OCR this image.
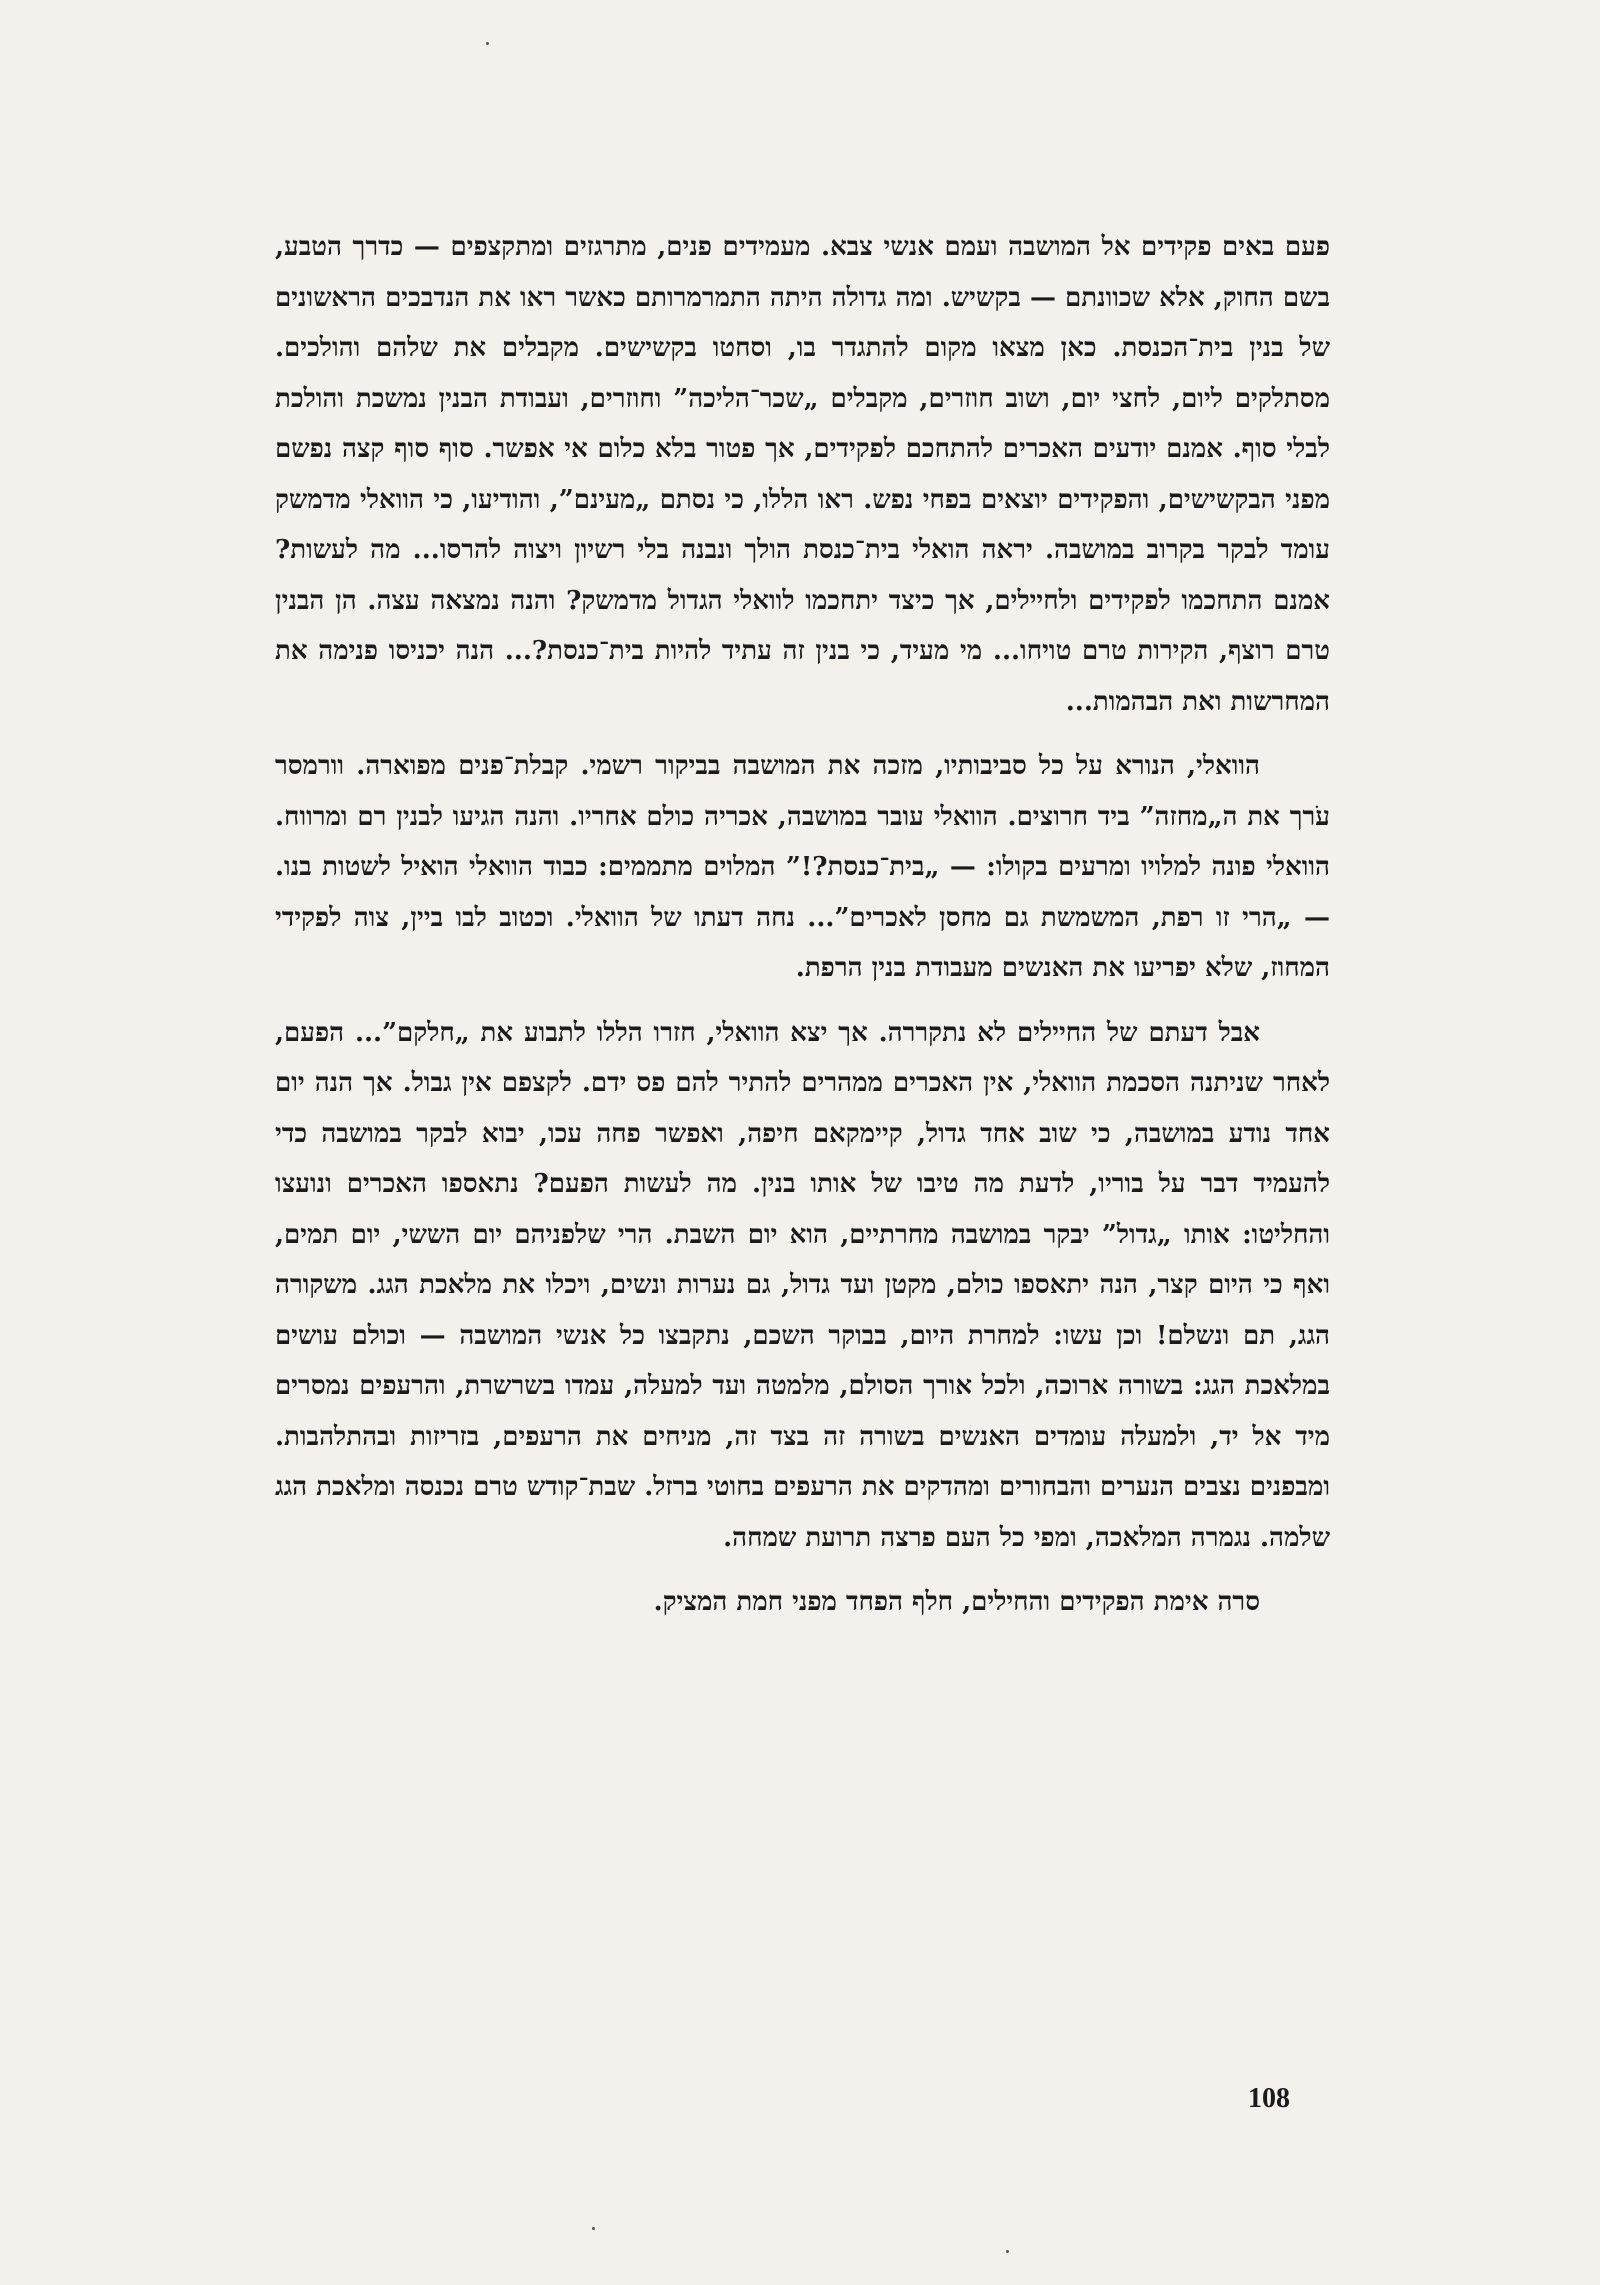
פעם באים פקידים אל המושבה ועמם אנשי צבא. מעמידים פנים, מתרגזים ומתקצפים — כדרך הטבע, בשם החוק, אלא שכוונתם — בקשיש. ומה גדולה היתה התמרמרותם כאשר ראו את הנדבכים הראשונים של בנין בית־הכנסת. כאן מצאו מקום להתגדר בו, וסחטו בקשישים. מקבלים את שלהם והולכים. מסתלקים ליום, לחצי יום, ושוב חוזרים, מקבלים „שכר־הליכה” וחוזרים, ועבודת הבנין נמשכת והולכת לבלי סוף. אמנם יודעים האכרים להתחכם לפקידים, אך פטור בלא כלום אי אפשר. סוף סוף קצה נפשם מפני הבקשישים, והפקידים יוצאים בפחי נפש. ראו הללו, כי נסתם „מעינם”, והודיעו, כי הוואלי מדמשק עומד לבקר בקרוב במושבה. יראה הואלי בית־כנסת הולך ונבנה בלי רשיון ויצוה להרסו... מה לעשות? אמנם התחכמו לפקידים ולחיילים, אך כיצד יתחכמו לוואלי הגדול מדמשק? והנה נמצאה עצה. הן הבנין טרם רוצף, הקירות טרם טויחו... מי מעיד, כי בנין זה עתיד להיות בית־כנסת?... הנה יכניסו פנימה את המחרשות ואת הבהמות...

הוואלי, הנורא על כל סביבותיו, מזכה את המושבה בביקור רשמי. קבלת־פנים מפוארה. וורמסר עֹרך את ה„מחזה” ביד חרוצים. הוואלי עובר במושבה, אכריה כולם אחריו. והנה הגיעו לבנין רם ומרווח. הוואלי פונה למלויו ומרעים בקולו: — „בית־כנסת?!” המלוים מתממים: כבוד הוואלי הואיל לשטות בנו. — „הרי זו רפת, המשמשת גם מחסן לאכרים”... נחה דעתו של הוואלי. וכטוב לבו ביין, צוה לפקידי המחוז, שלא יפריעו את האנשים מעבודת בנין הרפת.

אבל דעתם של החיילים לא נתקררה. אך יצא הוואלי, חזרו הללו לתבוע את „חלקם”... הפעם, לאחר שניתנה הסכמת הוואלי, אין האכרים ממהרים להתיר להם פס ידם. לקצפם אין גבול. אך הנה יום אחד נודע במושבה, כי שוב אחד גדול, קיימקאם חיפה, ואפשר פחה עכו, יבוא לבקר במושבה כדי להעמיד דבר על בוריו, לדעת מה טיבו של אותו בנין. מה לעשות הפעם? נתאספו האכרים ונועצו והחליטו: אותו „גדול” יבקר במושבה מחרתיים, הוא יום השבת. הרי שלפניהם יום הששי, יום תמים, ואף כי היום קצר, הנה יתאספו כולם, מקטן ועד גדול, גם נערות ונשים, ויכלו את מלאכת הגג. משקורה הגג, תם ונשלם! וכן עשו: למחרת היום, בבוקר השכם, נתקבצו כל אנשי המושבה — וכולם עושים במלאכת הגג: בשורה ארוכה, ולכל אורך הסולם, מלמטה ועד למעלה, עמדו בשרשרת, והרעפים נמסרים מיד אל יד, ולמעלה עומדים האנשים בשורה זה בצד זה, מניחים את הרעפים, בזריזות ובהתלהבות. ומבפנים נצבים הנערים והבחורים ומהדקים את הרעפים בחוטי ברזל. שבת־קודש טרם נכנסה ומלאכת הגג שלמה. נגמרה המלאכה, ומפי כל העם פרצה תרועת שמחה.

סרה אימת הפקידים והחילים, חלף הפחד מפני חמת המציק.

108
